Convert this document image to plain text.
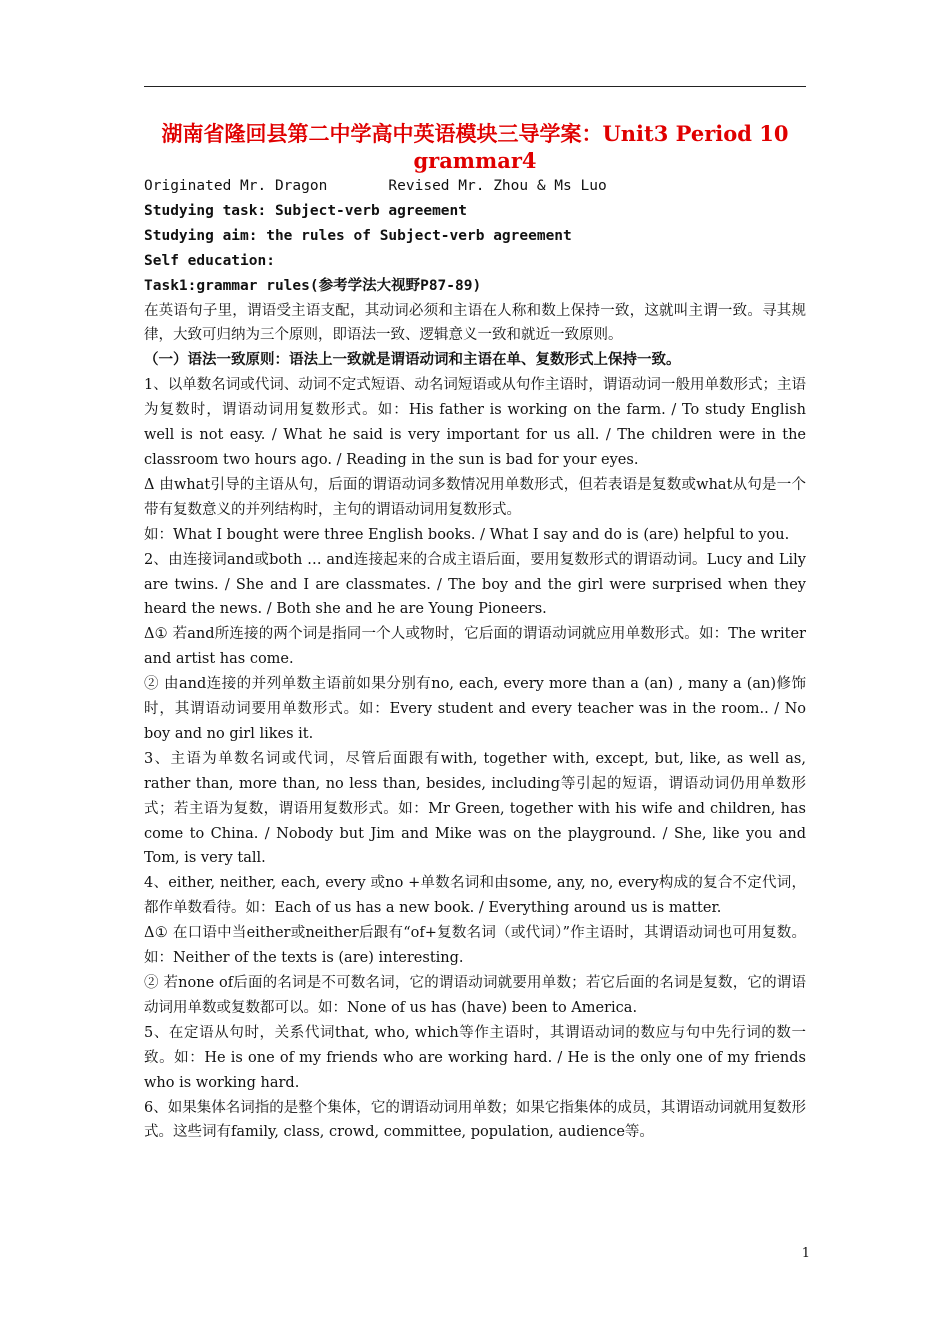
湖南省隆回县第二中学高中英语模块三导学案：Unit3 Period 10
grammar4

Originated Mr. Dragon       Revised Mr. Zhou & Ms Luo

Studying task: Subject-verb agreement

Studying aim: the rules of Subject-verb agreement

Self education:

Task1:grammar rules(参考学法大视野P87-89)

在英语句子里，谓语受主语支配，其动词必须和主语在人称和数上保持一致，这就叫主谓一致。寻其规律，大致可归纳为三个原则，即语法一致、逻辑意义一致和就近一致原则。

（一）语法一致原则：语法上一致就是谓语动词和主语在单、复数形式上保持一致。

1、以单数名词或代词、动词不定式短语、动名词短语或从句作主语时，谓语动词一般用单数形式；主语为复数时，谓语动词用复数形式。如：His father is working on the farm. / To study English well is not easy. / What he said is very important for us all. / The children were in the classroom two hours ago. / Reading in the sun is bad for your eyes.

Δ 由what引导的主语从句，后面的谓语动词多数情况用单数形式，但若表语是复数或what从句是一个带有复数意义的并列结构时，主句的谓语动词用复数形式。

如：What I bought were three English books. / What I say and do is (are) helpful to you.

2、由连接词and或both … and连接起来的合成主语后面，要用复数形式的谓语动词。Lucy and Lily are twins. / She and I are classmates. / The boy and the girl were surprised when they heard the news. / Both she and he are Young Pioneers.

Δ① 若and所连接的两个词是指同一个人或物时，它后面的谓语动词就应用单数形式。如：The writer and artist has come.

② 由and连接的并列单数主语前如果分别有no, each, every more than a (an) , many a (an)修饰时，其谓语动词要用单数形式。如：Every student and every teacher was in the room.. / No boy and no girl likes it.

3、主语为单数名词或代词，尽管后面跟有with, together with, except, but, like, as well as, rather than, more than, no less than, besides, including等引起的短语，谓语动词仍用单数形式；若主语为复数，谓语用复数形式。如：Mr Green, together with his wife and children, has come to China. / Nobody but Jim and Mike was on the playground. / She, like you and Tom, is very tall.

4、either, neither, each, every 或no +单数名词和由some, any, no, every构成的复合不定代词，都作单数看待。如：Each of us has a new book. / Everything around us is matter.

Δ① 在口语中当either或neither后跟有“of+复数名词（或代词）”作主语时，其谓语动词也可用复数。如：Neither of the texts is (are) interesting.

② 若none of后面的名词是不可数名词，它的谓语动词就要用单数；若它后面的名词是复数，它的谓语动词用单数或复数都可以。如：None of us has (have) been to America.

5、在定语从句时，关系代词that, who, which等作主语时，其谓语动词的数应与句中先行词的数一致。如：He is one of my friends who are working hard. / He is the only one of my friends who is working hard.

6、如果集体名词指的是整个集体，它的谓语动词用单数；如果它指集体的成员，其谓语动词就用复数形式。这些词有family, class, crowd, committee, population, audience等。

1
